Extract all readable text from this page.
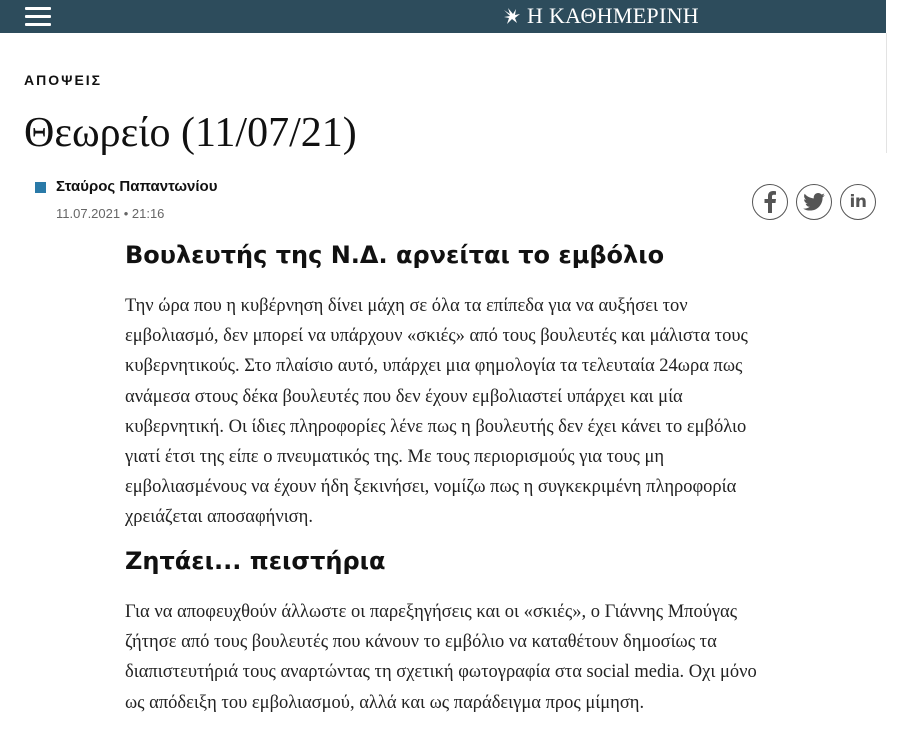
Η ΚΑΘΗΜΕΡΙΝΗ
ΑΠΟΨΕΙΣ
Θεωρείο (11/07/21)
Σταύρος Παπαντωνίου
11.07.2021 • 21:16
in
Βουλευτής της Ν.Δ. αρνείται το εμβόλιο
Την ώρα που η κυβέρνηση δίνει μάχη σε όλα τα επίπεδα για να αυξήσει τον
εμβολιασμό, δεν μπορεί να υπάρχουν «σκιές» από τους βουλευτές και μάλιστα τους
κυβερνητικούς. Στο πλαίσιο αυτό, υπάρχει μια φημολογία τα τελευταία 24ωρα πως
ανάμεσα στους δέκα βουλευτές που δεν έχουν εμβολιαστεί υπάρχει και μία
κυβερνητική. Οι ίδιες πληροφορίες λένε πως η βουλευτής δεν έχει κάνει το εμβόλιο
γιατί έτσι της είπε ο πνευματικός της. Με τους περιορισμούς για τους μη
εμβολιασμένους να έχουν ήδη ξεκινήσει, νομίζω πως η συγκεκριμένη πληροφορία
χρειάζεται αποσαφήνιση.
Ζητάει... πειστήρια
Για να αποφευχθούν άλλωστε οι παρεξηγήσεις και οι «σκιές», ο Γιάννης Μπούγας
ζήτησε από τους βουλευτές που κάνουν το εμβόλιο να καταθέτουν δημοσίως τα
διαπιστευτήριά τους αναρτώντας τη σχετική φωτογραφία στα social media. Οχι μόνο
ως απόδειξη του εμβολιασμού, αλλά και ως παράδειγμα προς μίμηση.
